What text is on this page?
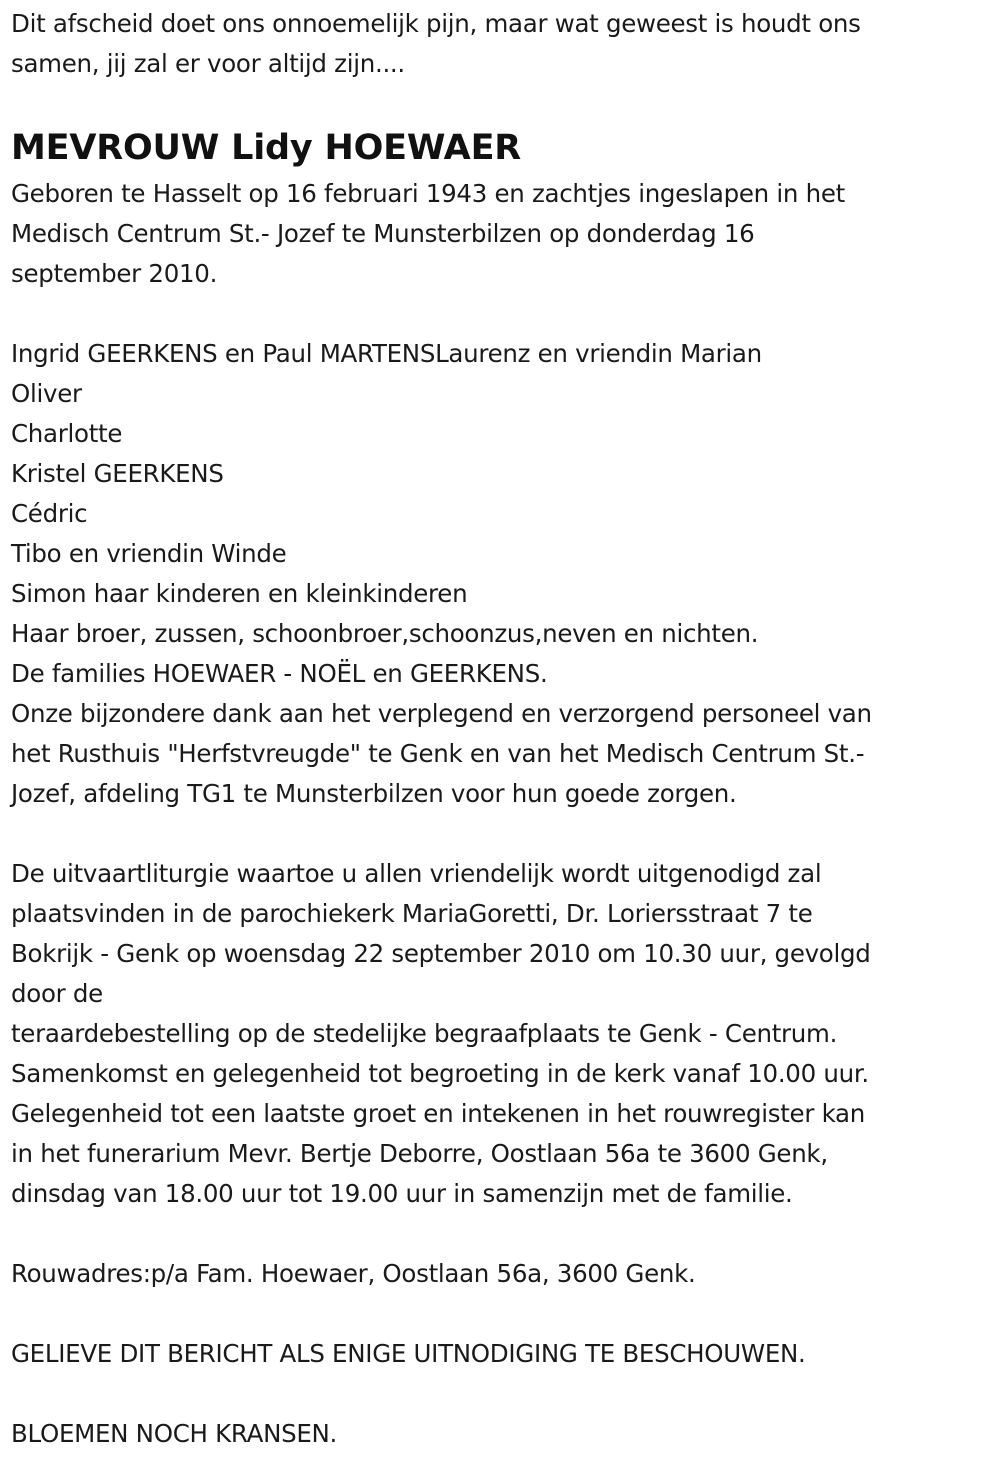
Dit afscheid doet ons onnoemelijk pijn, maar wat geweest is houdt ons
samen, jij zal er voor altijd zijn....
MEVROUW Lidy HOEWAER
Geboren te Hasselt op 16 februari 1943 en zachtjes ingeslapen in het
Medisch Centrum St.- Jozef te Munsterbilzen op donderdag 16
september 2010.
Ingrid GEERKENS en Paul MARTENSLaurenz en vriendin Marian
Oliver
Charlotte
Kristel GEERKENS
Cédric
Tibo en vriendin Winde
Simon haar kinderen en kleinkinderen
Haar broer, zussen, schoonbroer,schoonzus,neven en nichten.
De families HOEWAER - NOËL en GEERKENS.
Onze bijzondere dank aan het verplegend en verzorgend personeel van
het Rusthuis "Herfstvreugde" te Genk en van het Medisch Centrum St.-
Jozef, afdeling TG1 te Munsterbilzen voor hun goede zorgen.
De uitvaartliturgie waartoe u allen vriendelijk wordt uitgenodigd zal
plaatsvinden in de parochiekerk MariaGoretti, Dr. Loriersstraat 7 te
Bokrijk - Genk op woensdag 22 september 2010 om 10.30 uur, gevolgd
door de
teraardebestelling op de stedelijke begraafplaats te Genk - Centrum.
Samenkomst en gelegenheid tot begroeting in de kerk vanaf 10.00 uur.
Gelegenheid tot een laatste groet en intekenen in het rouwregister kan
in het funerarium Mevr. Bertje Deborre, Oostlaan 56a te 3600 Genk,
dinsdag van 18.00 uur tot 19.00 uur in samenzijn met de familie.
Rouwadres:p/a Fam. Hoewaer, Oostlaan 56a, 3600 Genk.
GELIEVE DIT BERICHT ALS ENIGE UITNODIGING TE BESCHOUWEN.
BLOEMEN NOCH KRANSEN.
